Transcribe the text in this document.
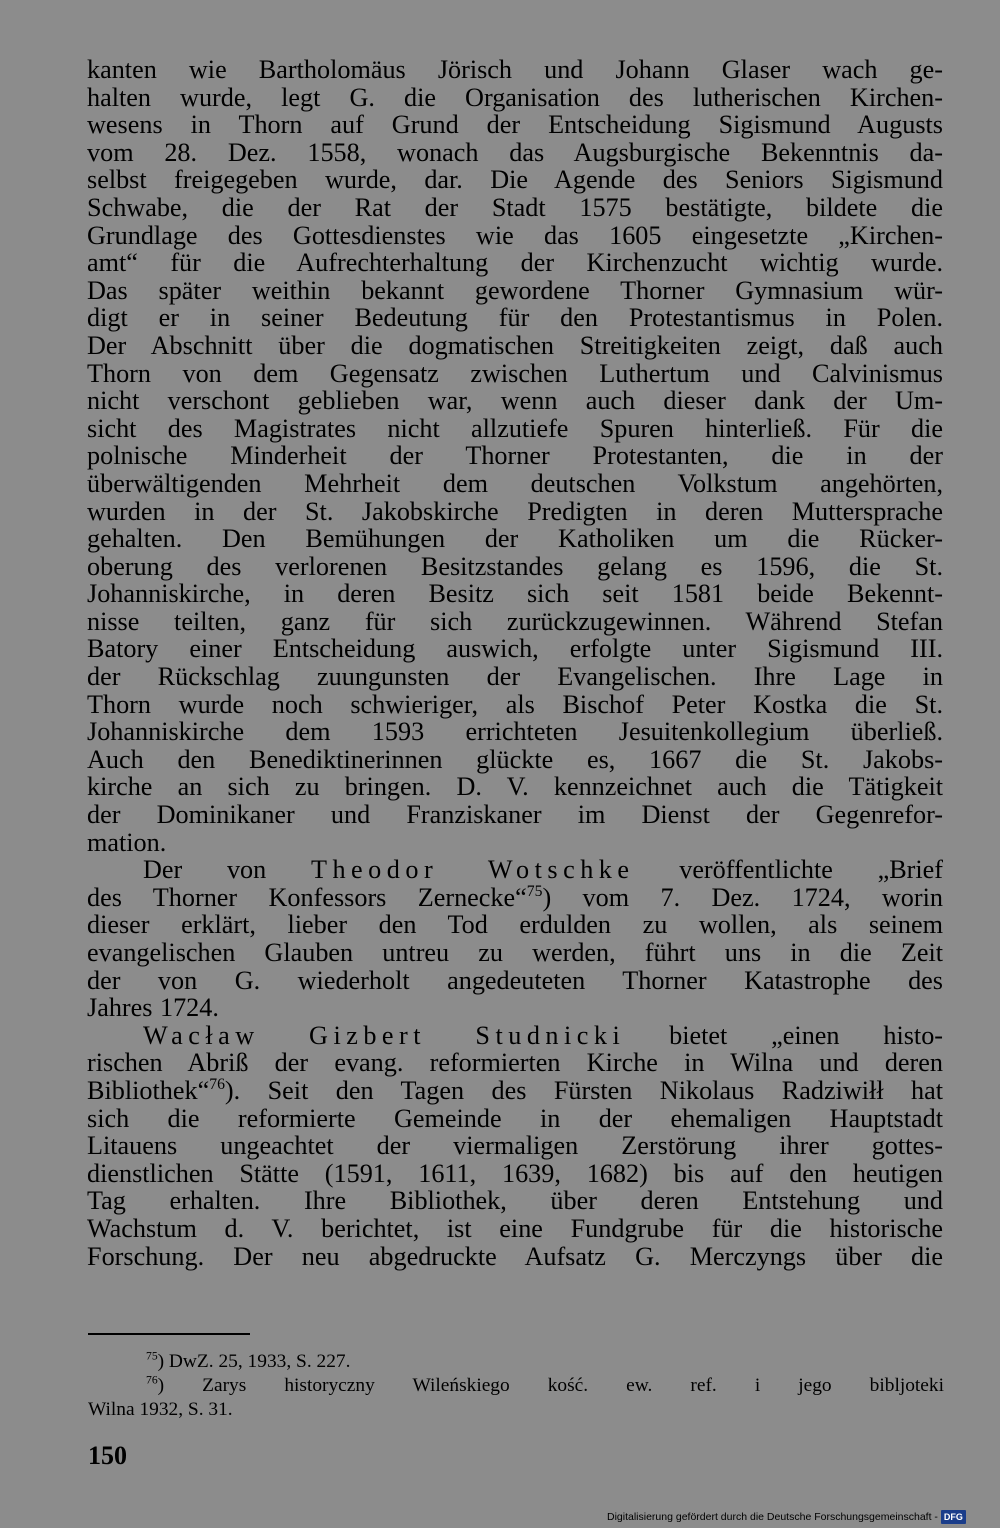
kanten wie Bartholomäus Jörisch und Johann Glaser wach ge-
halten wurde, legt G. die Organisation des lutherischen Kirchen-
wesens in Thorn auf Grund der Entscheidung Sigismund Augusts
vom 28. Dez. 1558, wonach das Augsburgische Bekenntnis da-
selbst freigegeben wurde, dar. Die Agende des Seniors Sigismund
Schwabe, die der Rat der Stadt 1575 bestätigte, bildete die
Grundlage des Gottesdienstes wie das 1605 eingesetzte „Kirchen-
amt“ für die Aufrechterhaltung der Kirchenzucht wichtig wurde.
Das später weithin bekannt gewordene Thorner Gymnasium wür-
digt er in seiner Bedeutung für den Protestantismus in Polen.
Der Abschnitt über die dogmatischen Streitigkeiten zeigt, daß auch
Thorn von dem Gegensatz zwischen Luthertum und Calvinismus
nicht verschont geblieben war, wenn auch dieser dank der Um-
sicht des Magistrates nicht allzutiefe Spuren hinterließ. Für die
polnische Minderheit der Thorner Protestanten, die in der
überwältigenden Mehrheit dem deutschen Volkstum angehörten,
wurden in der St. Jakobskirche Predigten in deren Muttersprache
gehalten. Den Bemühungen der Katholiken um die Rücker-
oberung des verlorenen Besitzstandes gelang es 1596, die St.
Johanniskirche, in deren Besitz sich seit 1581 beide Bekennt-
nisse teilten, ganz für sich zurückzugewinnen. Während Stefan
Batory einer Entscheidung auswich, erfolgte unter Sigismund III.
der Rückschlag zuungunsten der Evangelischen. Ihre Lage in
Thorn wurde noch schwieriger, als Bischof Peter Kostka die St.
Johanniskirche dem 1593 errichteten Jesuitenkollegium überließ.
Auch den Benediktinerinnen glückte es, 1667 die St. Jakobs-
kirche an sich zu bringen. D. V. kennzeichnet auch die Tätigkeit
der Dominikaner und Franziskaner im Dienst der Gegenrefor-
mation.
Der von Theodor Wotschke veröffentlichte „Brief
des Thorner Konfessors Zernecke“$^{75}$) vom 7. Dez. 1724, worin
dieser erklärt, lieber den Tod erdulden zu wollen, als seinem
evangelischen Glauben untreu zu werden, führt uns in die Zeit
der von G. wiederholt angedeuteten Thorner Katastrophe des
Jahres 1724.
Wacław Gizbert Studnicki bietet „einen histo-
rischen Abriß der evang. reformierten Kirche in Wilna und deren
Bibliothek“$^{76}$). Seit den Tagen des Fürsten Nikolaus Radziwiłł hat
sich die reformierte Gemeinde in der ehemaligen Hauptstadt
Litauens ungeachtet der viermaligen Zerstörung ihrer gottes-
dienstlichen Stätte (1591, 1611, 1639, 1682) bis auf den heutigen
Tag erhalten. Ihre Bibliothek, über deren Entstehung und
Wachstum d. V. berichtet, ist eine Fundgrube für die historische
Forschung. Der neu abgedruckte Aufsatz G. Merczyngs über die
$^{75}$) DwZ. 25, 1933, S. 227.
$^{76}$) Zarys historyczny Wileńskiego kość. ew. ref. i jego bibljoteki
Wilna 1932, S. 31.
150
Digitalisierung gefördert durch die Deutsche Forschungsgemeinschaft - DFG
